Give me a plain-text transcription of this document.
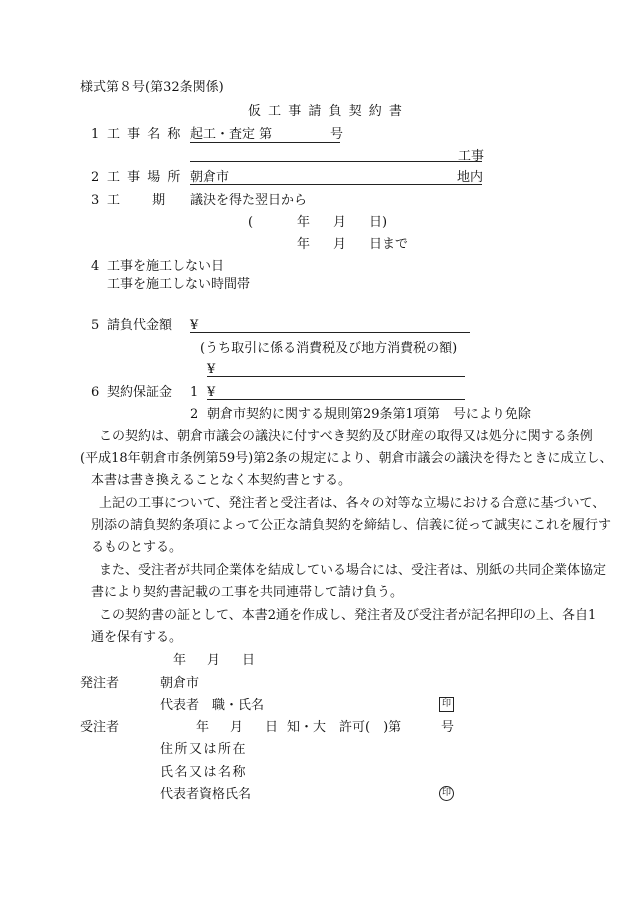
様式第８号(第32条関係)
仮 工 事 請 負 契 約 書
1 工 事 名 称 起工・査定 第	号
工事
2 工 事 場 所 朝倉市	地内
3 工 期 議決を得た翌日から
(	年 月 日)
年 月 日まで
4 工事を施工しない日
工事を施工しない時間帯
5 請負代金額 ¥
(うち取引に係る消費税及び地方消費税の額)
¥
6 契約保証金 1 ¥
2 朝倉市契約に関する規則第29条第1項第　号により免除
この契約は、朝倉市議会の議決に付すべき契約及び財産の取得又は処分に関する条例
(平成18年朝倉市条例第59号)第2条の規定により、朝倉市議会の議決を得たときに成立し、
本書は書き換えることなく本契約書とする。
上記の工事について、発注者と受注者は、各々の対等な立場における合意に基づいて、
別添の請負契約条項によって公正な請負契約を締結し、信義に従って誠実にこれを履行す
るものとする。
また、受注者が共同企業体を結成している場合には、受注者は、別紙の共同企業体協定
書により契約書記載の工事を共同連帯して請け負う。
この契約書の証として、本書2通を作成し、発注者及び受注者が記名押印の上、各自1
通を保有する。
年 月 日
発注者	朝倉市
代表者　職・氏名	印
受注者	年 月 日 知・大　許可(　)第	号
住所又は所在
氏名又は名称
代表者資格氏名	印
